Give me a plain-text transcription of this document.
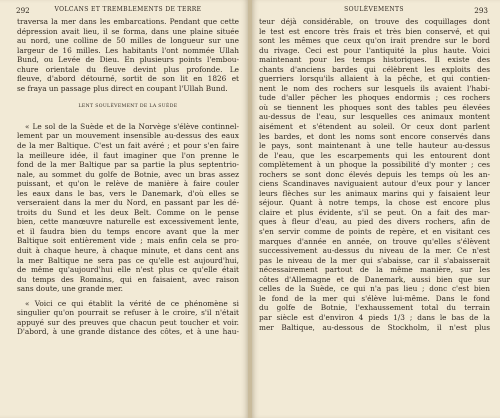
292	VOLCANS ET TREMBLEMENTS DE TERRE

traversa la mer dans les embarcations. Pendant que cette
dépression avait lieu, il se forma, dans une plaine située
au nord, une colline de 50 milles de longueur sur une
largeur de 16 milles. Les habitants l'ont nommée Ullah
Bund, ou Levée de Dieu. En plusieurs points l'embou-
chure orientale du fleuve devint plus profonde. Le
fleuve, d'abord détourné, sortit de son lit en 1826 et
se fraya un passage plus direct en coupant l'Ullah Bund.

LENT SOULÈVEMENT DE LA SUÈDE

« Le sol de la Suède et de la Norvège s'élève continnel-
lement par un mouvement insensible au-dessus des eaux
de la mer Baltique. C'est un fait avéré ; et pour s'en faire
la meilleure idée, il faut imaginer que l'on prenne le
fond de la mer Baltique par sa partie la plus septentrio-
nale, au sommet du golfe de Botnie, avec un bras assez
puissant, et qu'on le relève de manière à faire couler
les eaux dans le bas, vers le Danemark, d'où elles se
verseraient dans la mer du Nord, en passant par les dé-
troits du Sund et les deux Belt. Comme on le pense
bien, cette manœuvre naturelle est excessivement lente,
et il faudra bien du temps encore avant que la mer
Baltique soit entièrement vide ; mais enfin cela se pro-
duit à chaque heure, à chaque minute, et dans cent ans
la mer Baltique ne sera pas ce qu'elle est aujourd'hui,
de même qu'aujourd'hui elle n'est plus ce qu'elle était
du temps des Romains, qui en faisaient, avec raison
sans doute, une grande mer.

« Voici ce qui établit la vérité de ce phénomène si
singulier qu'on pourrait se refuser à le croire, s'il n'était
appuyé sur des preuves que chacun peut toucher et voir.
D'abord, à une grande distance des côtes, et à une hau-

SOULÈVEMENTS	293

teur déjà considérable, on trouve des coquillages dont
le test est encore très frais et très bien conservé, et qui
sont les mêmes que ceux qu'on irait prendre sur le bord
du rivage. Ceci est pour l'antiquité la plus haute. Voici
maintenant pour les temps historiques. Il existe des
chants d'anciens bardes qui célèbrent les exploits des
guerriers lorsqu'ils allaient à la pêche, et qui contien-
nent le nom des rochers sur lesquels ils avaient l'habi-
tude d'aller pêcher les phoques endormis ; ces rochers
où se tiennent les phoques sont des tables peu élevées
au-dessus de l'eau, sur lesquelles ces animaux montent
aisément et s'étendent au soleil. Or ceux dont parlent
les bardes, et dont les noms sont encore conservés dans
le pays, sont maintenant à une telle hauteur au-dessus
de l'eau, que les escarpements qui les entourent dont
complètement à un phoque la possibilité d'y monter ; ces
rochers se sont donc élevés depuis les temps où les an-
ciens Scandinaves naviguaient autour d'eux pour y lancer
leurs flèches sur les animaux marins qui y faisaient leur
séjour. Quant à notre temps, la chose est encore plus
claire et plus évidente, s'il se peut. On a fait des mar-
ques à fleur d'eau, au pied des divers rochers, afin de
s'en servir comme de points de repère, et en visitant ces
marques d'année en année, on trouve qu'elles s'élèvent
successivement au-dessus du niveau de la mer. Ce n'est
pas le niveau de la mer qui s'abaisse, car il s'abaisserait
nécessairement partout de la même manière, sur les
côtes d'Allemagne et de Danemark, aussi bien que sur
celles de la Suède, ce qui n'a pas lieu ; donc c'est bien
le fond de la mer qui s'élève lui-même. Dans le fond
du golfe de Botnie, l'exhaussement total du terrain
par siècle est d'environ 4 pieds 1/3 ; dans le bas de la
mer Baltique, au-dessous de Stockholm, il n'est plus
